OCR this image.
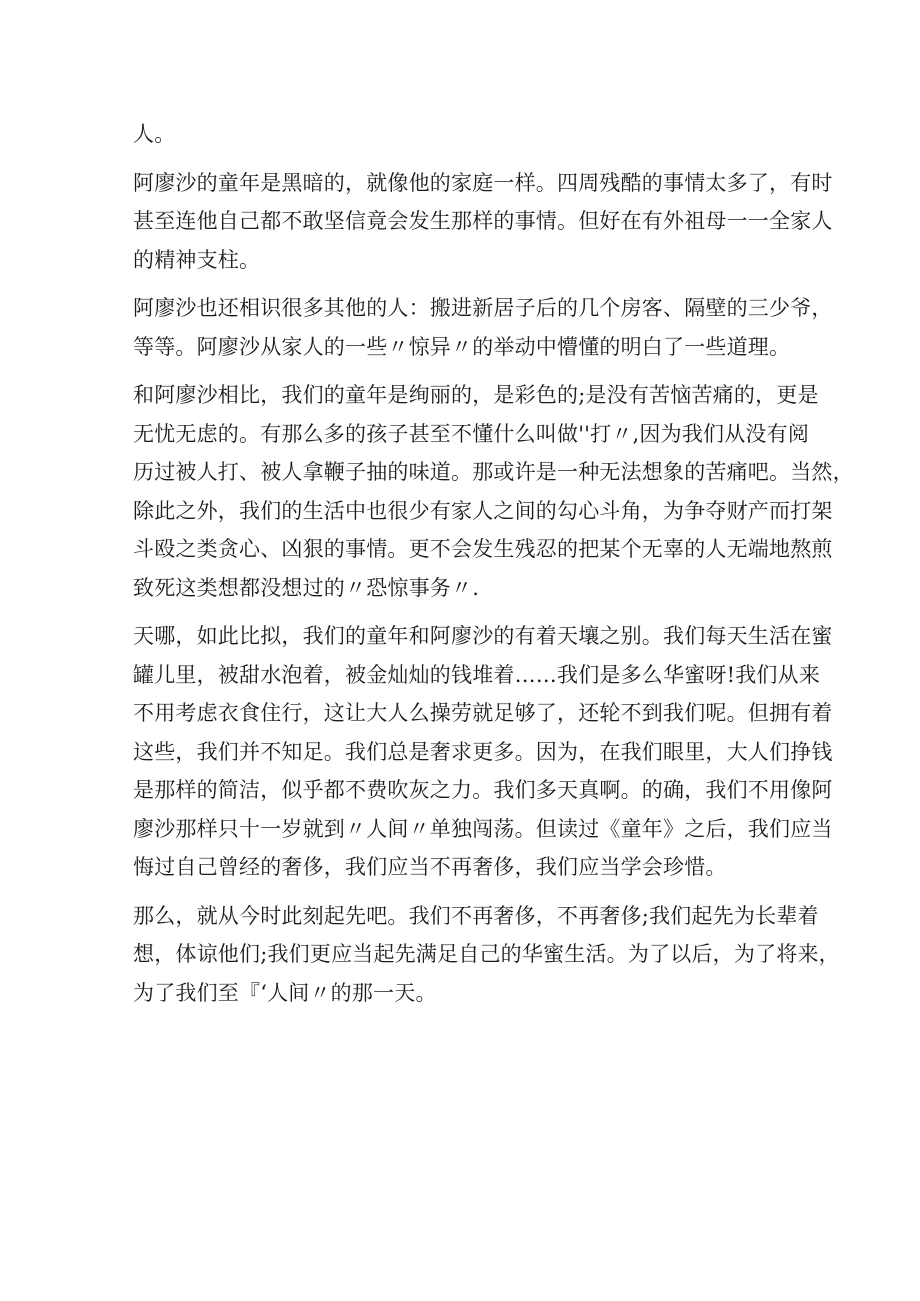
人。

阿廖沙的童年是黑暗的，就像他的家庭一样。四周残酷的事情太多了，有时
甚至连他自己都不敢坚信竟会发生那样的事情。但好在有外祖母一一全家人
的精神支柱。

阿廖沙也还相识很多其他的人：搬进新居子后的几个房客、隔壁的三少爷，
等等。阿廖沙从家人的一些〃惊异〃的举动中懵懂的明白了一些道理。

和阿廖沙相比，我们的童年是绚丽的，是彩色的;是没有苦恼苦痛的，更是
无忧无虑的。有那么多的孩子甚至不懂什么叫做''打〃,因为我们从没有阅
历过被人打、被人拿鞭子抽的味道。那或许是一种无法想象的苦痛吧。当然，
除此之外，我们的生活中也很少有家人之间的勾心斗角，为争夺财产而打架
斗殴之类贪心、凶狠的事情。更不会发生残忍的把某个无辜的人无端地熬煎
致死这类想都没想过的〃恐惊事务〃.

天哪，如此比拟，我们的童年和阿廖沙的有着天壤之别。我们每天生活在蜜
罐儿里，被甜水泡着，被金灿灿的钱堆着……我们是多么华蜜呀!我们从来
不用考虑衣食住行，这让大人么操劳就足够了，还轮不到我们呢。但拥有着
这些，我们并不知足。我们总是奢求更多。因为，在我们眼里，大人们挣钱
是那样的简洁，似乎都不费吹灰之力。我们多天真啊。的确，我们不用像阿
廖沙那样只十一岁就到〃人间〃单独闯荡。但读过《童年》之后，我们应当
悔过自己曾经的奢侈，我们应当不再奢侈，我们应当学会珍惜。

那么，就从今时此刻起先吧。我们不再奢侈，不再奢侈;我们起先为长辈着
想，体谅他们;我们更应当起先满足自己的华蜜生活。为了以后，为了将来，
为了我们至『‘人间〃的那一天。
